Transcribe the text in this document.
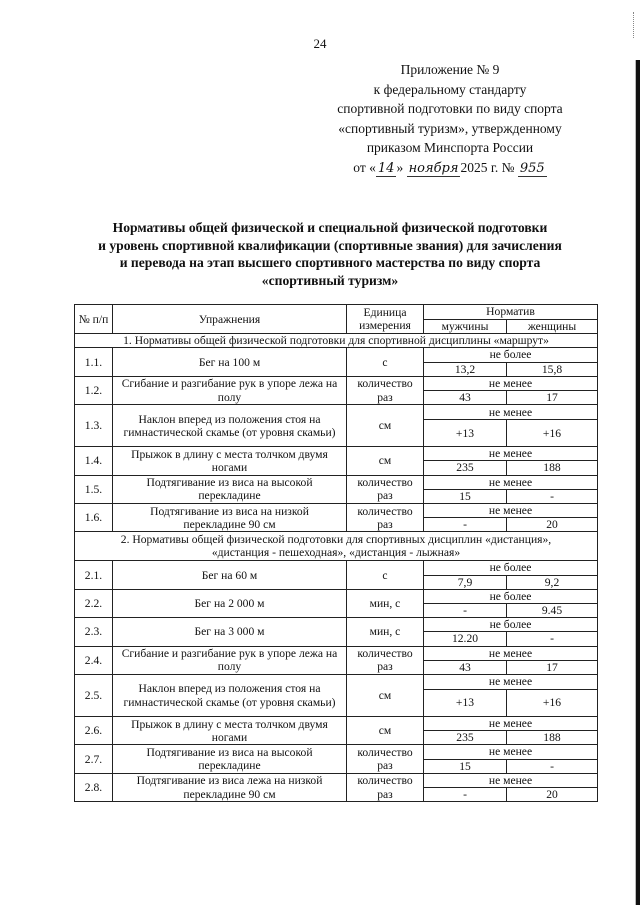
24
Приложение № 9
к федеральному стандарту
спортивной подготовки по виду спорта
«спортивный туризм», утвержденному
приказом Минспорта России
от « 14 » ноября 2025 г. № 955
Нормативы общей физической и специальной физической подготовки
и уровень спортивной квалификации (спортивные звания) для зачисления
и перевода на этап высшего спортивного мастерства по виду спорта
«спортивный туризм»
№ п/п	Упражнения	Единица измерения	Норматив	
			мужчины	женщины
1. Нормативы общей физической подготовки для спортивной дисциплины «маршрут»				
1.1.	Бег на 100 м	с	не более	
			13,2	15,8
1.2.	Сгибание и разгибание рук в упоре лежа на полу	количество раз	не менее	
			43	17
1.3.	Наклон вперед из положения стоя на гимнастической скамье (от уровня скамьи)	см	не менее	
			+13	+16
1.4.	Прыжок в длину с места толчком двумя ногами	см	не менее	
			235	188
1.5.	Подтягивание из виса на высокой перекладине	количество раз	не менее	
			15	-
1.6.	Подтягивание из виса на низкой перекладине 90 см	количество раз	не менее	
			-	20
2. Нормативы общей физической подготовки для спортивных дисциплин «дистанция», «дистанция - пешеходная», «дистанция - лыжная»				
2.1.	Бег на 60 м	с	не более	
			7,9	9,2
2.2.	Бег на 2 000 м	мин, с	не более	
			-	9.45
2.3.	Бег на 3 000 м	мин, с	не более	
			12.20	-
2.4.	Сгибание и разгибание рук в упоре лежа на полу	количество раз	не менее	
			43	17
2.5.	Наклон вперед из положения стоя на гимнастической скамье (от уровня скамьи)	см	не менее	
			+13	+16
2.6.	Прыжок в длину с места толчком двумя ногами	см	не менее	
			235	188
2.7.	Подтягивание из виса на высокой перекладине	количество раз	не менее	
			15	-
2.8.	Подтягивание из виса лежа на низкой перекладине 90 см	количество раз	не менее	
			-	20
